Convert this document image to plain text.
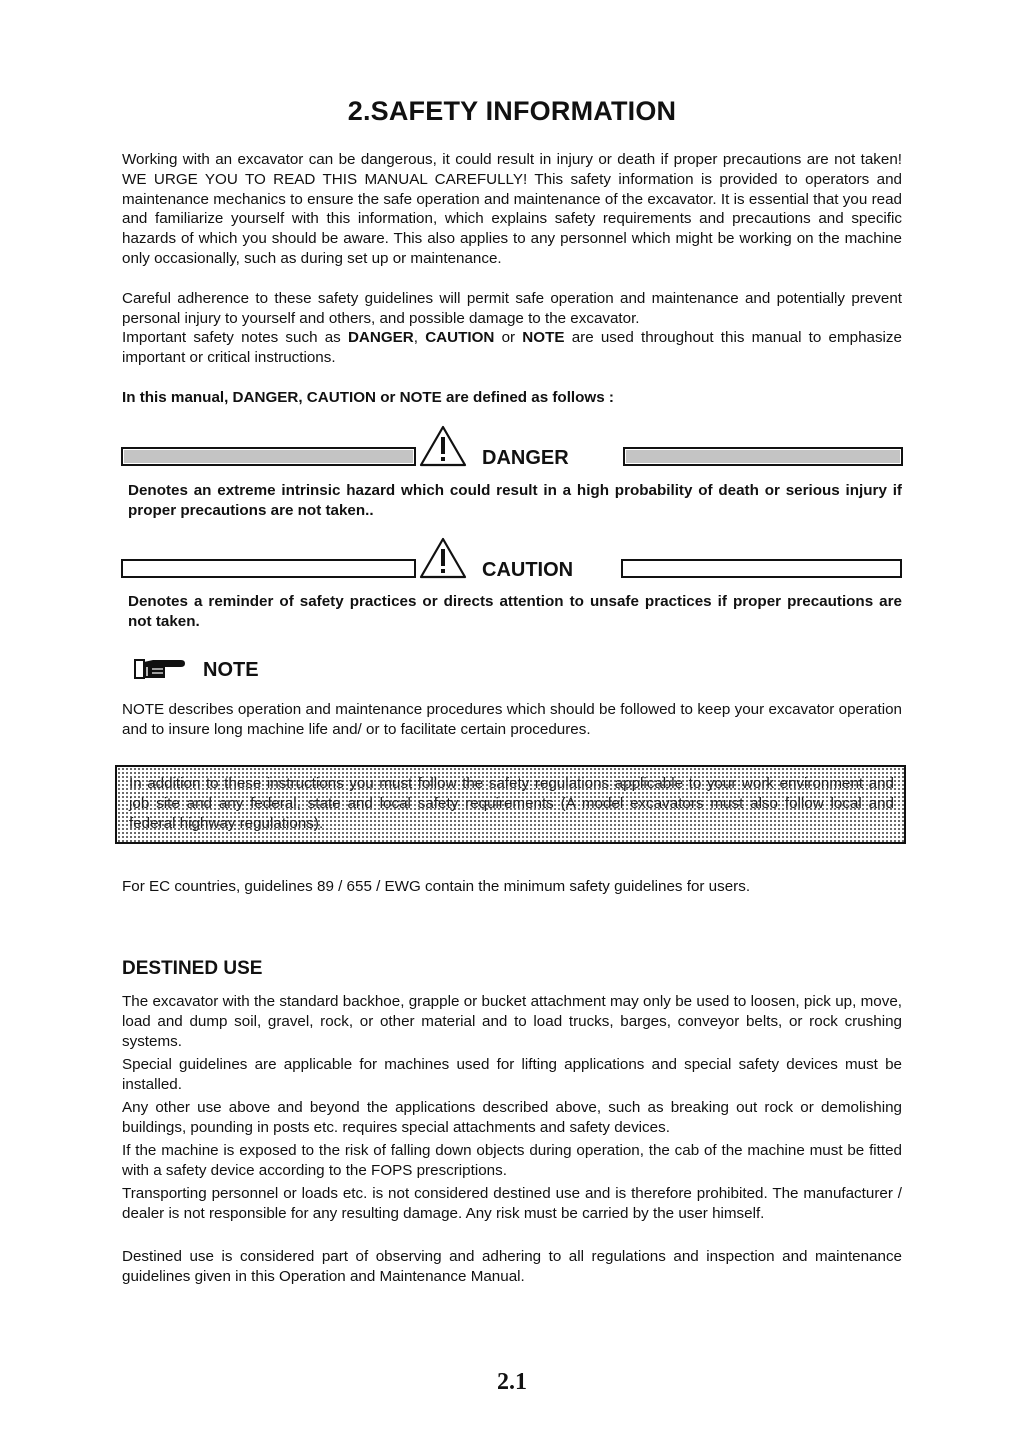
2.SAFETY INFORMATION

Working with an excavator can be dangerous, it could result in injury or death if proper precautions are not taken! WE URGE YOU TO READ THIS MANUAL CAREFULLY! This safety information is provided to operators and maintenance mechanics to ensure the safe operation and maintenance of the excavator. It is essential that you read and familiarize yourself with this information, which explains safety requirements and precautions and specific hazards of which you should be aware. This also applies to any personnel which might be working on the machine only occasionally, such as during set up or maintenance.

Careful adherence to these safety guidelines will permit safe operation and maintenance and potentially prevent personal injury to yourself and others, and possible damage to the excavator.

Important safety notes such as DANGER, CAUTION or NOTE are used throughout this manual to emphasize important or critical instructions.

In this manual, DANGER, CAUTION or NOTE are defined as follows :

DANGER

Denotes an extreme intrinsic hazard which could result in a high probability of death or serious injury if proper precautions are not taken..

CAUTION

Denotes a reminder of safety practices or directs attention to unsafe practices if proper precautions are not taken.

NOTE

NOTE describes operation and maintenance procedures which should be followed to keep your excavator operation and to insure long machine life and/ or to facilitate certain procedures.

In addition to these instructions you must follow the safety regulations applicable to your work environment and job site and any federal, state and local safety requirements (A model excavators must also follow local and federal highway regulations).

For EC countries, guidelines 89 / 655 / EWG contain the minimum safety guidelines for users.

DESTINED USE

The excavator with the standard backhoe, grapple or bucket attachment may only be used to loosen, pick up, move, load and dump soil, gravel, rock, or other material and to load trucks, barges, conveyor belts, or rock crushing systems.

Special guidelines are applicable for machines used for lifting applications and special safety devices must be installed.

Any other use above and beyond the applications described above, such as breaking out rock or demolishing buildings, pounding in posts etc. requires special attachments and safety devices.

If the machine is exposed to the risk of falling down objects during operation, the cab of the machine must be fitted with a safety device according to the FOPS prescriptions.

Transporting personnel or loads etc. is not considered destined use and is therefore prohibited. The manufacturer / dealer is not responsible for any resulting damage. Any risk must be carried by the user himself.

Destined use is considered part of observing and adhering to all regulations and inspection and maintenance guidelines given in this Operation and Maintenance Manual.

2.1
